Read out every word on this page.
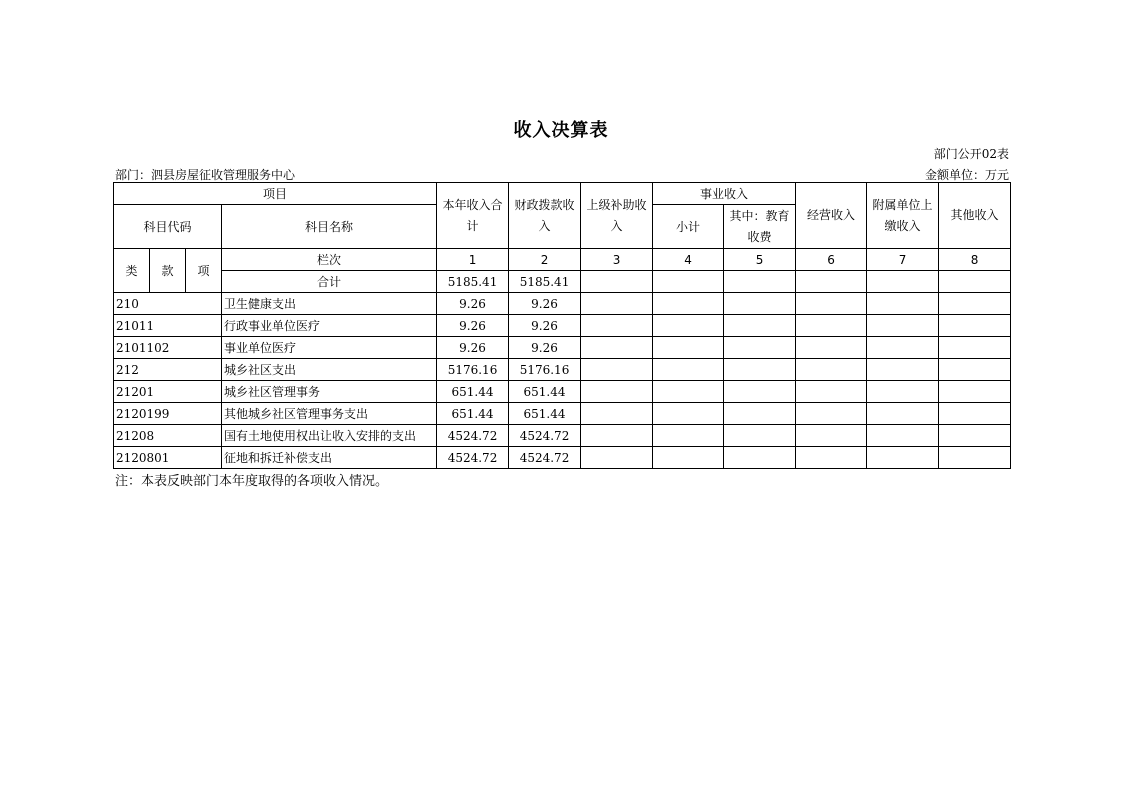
收入决算表
部门公开02表
部门：泗县房屋征收管理服务中心	金额单位：万元
项目				本年收入合计	财政拨款收入	上级补助收入	事业收入		经营收入	附属单位上缴收入	其他收入
科目代码			科目名称				小计	其中：教育收费			
类	款	项	栏次	1	2	3	4	5	6	7	8
			合计	5185.41	5185.41						
210			卫生健康支出	9.26	9.26						
21011			行政事业单位医疗	9.26	9.26						
2101102			事业单位医疗	9.26	9.26						
212			城乡社区支出	5176.16	5176.16						
21201			城乡社区管理事务	651.44	651.44						
2120199			其他城乡社区管理事务支出	651.44	651.44						
21208			国有土地使用权出让收入安排的支出	4524.72	4524.72						
2120801			征地和拆迁补偿支出	4524.72	4524.72						
注：本表反映部门本年度取得的各项收入情况。
